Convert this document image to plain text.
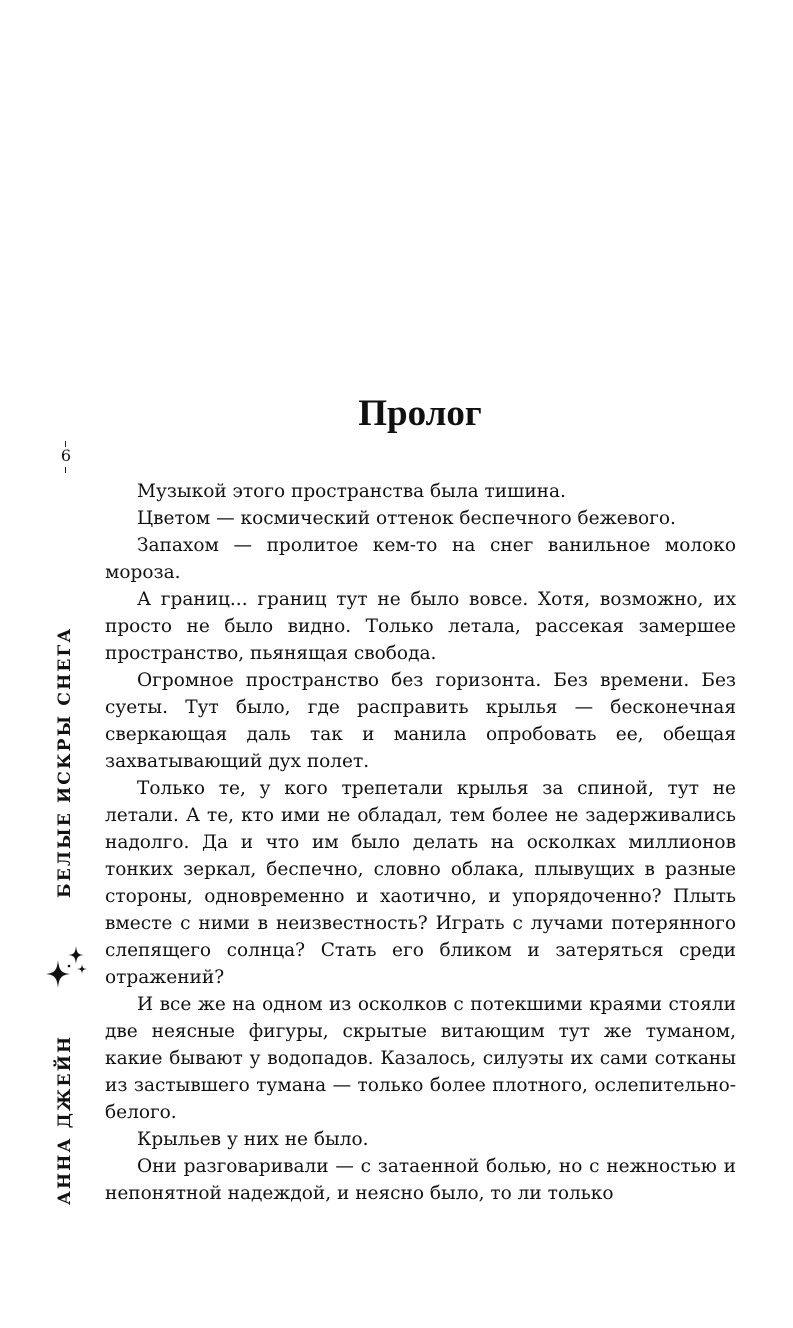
6
БЕЛЫЕ ИСКРЫ СНЕГА
АННА ДЖЕЙН
Пролог

Музыкой этого пространства была тишина.

Цветом — космический оттенок беспечного бежевого.

Запахом — пролитое кем-то на снег ванильное молоко мороза.

А границ... границ тут не было вовсе. Хотя, возможно, их просто не было видно. Только летала, рассекая замершее пространство, пьянящая свобода.

Огромное пространство без горизонта. Без времени. Без суеты. Тут было, где расправить крылья — бесконечная сверкающая даль так и манила опробовать ее, обещая захватывающий дух полет.

Только те, у кого трепетали крылья за спиной, тут не летали. А те, кто ими не обладал, тем более не задерживались надолго. Да и что им было делать на осколках миллионов тонких зеркал, беспечно, словно облака, плывущих в разные стороны, одновременно и хаотично, и упорядоченно? Плыть вместе с ними в неизвестность? Играть с лучами потерянного слепящего солнца? Стать его бликом и затеряться среди отражений?

И все же на одном из осколков с потекшими краями стояли две неясные фигуры, скрытые витающим тут же туманом, какие бывают у водопадов. Казалось, силуэты их сами сотканы из застывшего тумана — только более плотного, ослепительно-белого.

Крыльев у них не было.

Они разговаривали — с затаенной болью, но с нежностью и непонятной надеждой, и неясно было, то ли только
